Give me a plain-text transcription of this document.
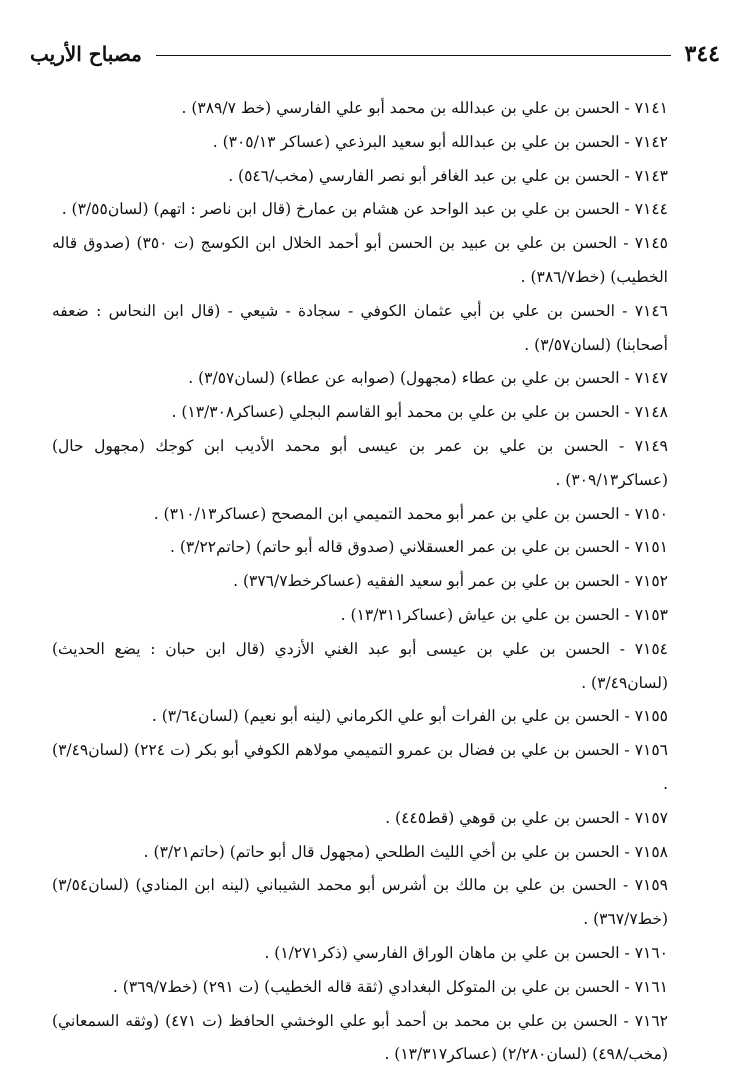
٣٤٤
مصباح الأريب

٧١٤١ - الحسن بن علي بن عبدالله بن محمد أبو علي الفارسي (خط ٣٨٩/٧) .

٧١٤٢ - الحسن بن علي بن عبدالله أبو سعيد البرذعي (عساكر ٣٠٥/١٣) .

٧١٤٣ - الحسن بن علي بن عبد الغافر أبو نصر الفارسي (مخب/٥٤٦) .

٧١٤٤ - الحسن بن علي بن عبد الواحد عن هشام بن عمارخ (قال ابن ناصر : اتهم) (لسان٣/٥٥) .

٧١٤٥ - الحسن بن علي بن عبيد بن الحسن أبو أحمد الخلال ابن الكوسج (ت ٣٥٠) (صدوق قاله الخطيب) (خط٣٨٦/٧) .

٧١٤٦ - الحسن بن علي بن أبي عثمان الكوفي - سجادة - شيعي - (قال ابن النحاس : ضعفه أصحابنا) (لسان٣/٥٧) .

٧١٤٧ - الحسن بن علي بن عطاء (مجهول) (صوابه عن عطاء) (لسان٣/٥٧) .

٧١٤٨ - الحسن بن علي بن علي بن محمد أبو القاسم البجلي (عساكر١٣/٣٠٨) .

٧١٤٩ - الحسن بن علي بن عمر بن عيسى أبو محمد الأديب ابن كوجك (مجهول حال) (عساكر٣٠٩/١٣) .

٧١٥٠ - الحسن بن علي بن عمر أبو محمد التميمي ابن المصحح (عساكر٣١٠/١٣) .

٧١٥١ - الحسن بن علي بن عمر العسقلاني (صدوق قاله أبو حاتم) (حاتم٣/٢٢) .

٧١٥٢ - الحسن بن علي بن عمر أبو سعيد الفقيه (عساكرخط٣٧٦/٧) .

٧١٥٣ - الحسن بن علي بن عياش (عساكر١٣/٣١١) .

٧١٥٤ - الحسن بن علي بن عيسى أبو عبد الغني الأزدي (قال ابن حبان : يضع الحديث) (لسان٣/٤٩) .

٧١٥٥ - الحسن بن علي بن الفرات أبو علي الكرماني (لينه أبو نعيم) (لسان٣/٦٤) .

٧١٥٦ - الحسن بن علي بن فضال بن عمرو التميمي مولاهم الكوفي أبو بكر (ت ٢٢٤) (لسان٣/٤٩) .

٧١٥٧ - الحسن بن علي بن قوهي (قط٤٤٥) .

٧١٥٨ - الحسن بن علي بن أخي الليث الطلحي (مجهول قال أبو حاتم) (حاتم٣/٢١) .

٧١٥٩ - الحسن بن علي بن مالك بن أشرس أبو محمد الشيباني (لينه ابن المنادي) (لسان٣/٥٤) (خط٣٦٧/٧) .

٧١٦٠ - الحسن بن علي بن ماهان الوراق الفارسي (ذكر١/٢٧١) .

٧١٦١ - الحسن بن علي بن المتوكل البغدادي (ثقة قاله الخطيب) (ت ٢٩١) (خط٣٦٩/٧) .

٧١٦٢ - الحسن بن علي بن محمد بن أحمد أبو علي الوخشي الحافظ (ت ٤٧١) (وثقه السمعاني) (مخب/٤٩٨) (لسان٢/٢٨٠) (عساكر١٣/٣١٧) .
